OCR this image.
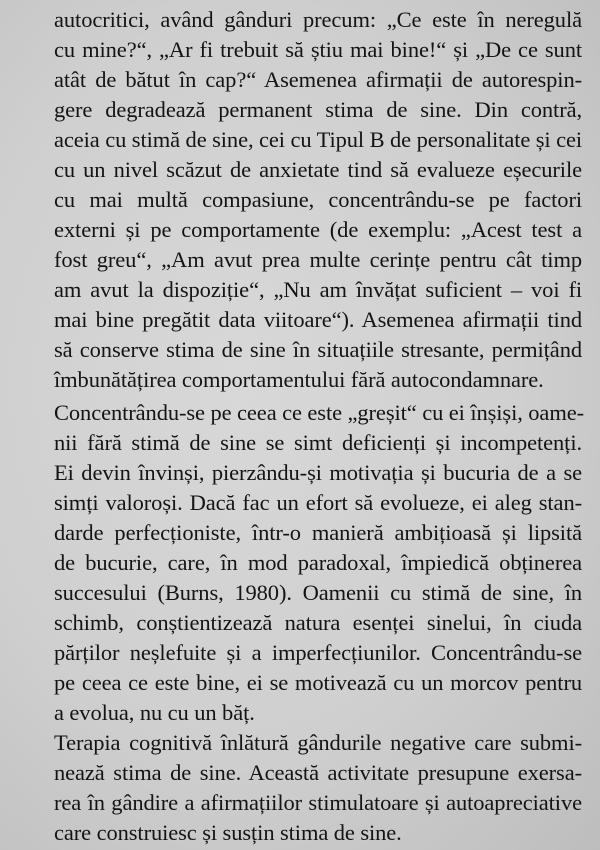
autocritici, având gânduri precum: „Ce este în neregulă
cu mine?“, „Ar fi trebuit să știu mai bine!“ și „De ce sunt
atât de bătut în cap?“ Asemenea afirmații de autorespin-
gere degradează permanent stima de sine. Din contră,
aceia cu stimă de sine, cei cu Tipul B de personalitate și cei
cu un nivel scăzut de anxietate tind să evalueze eșecurile
cu mai multă compasiune, concentrându-se pe factori
externi și pe comportamente (de exemplu: „Acest test a
fost greu“, „Am avut prea multe cerințe pentru cât timp
am avut la dispoziție“, „Nu am învățat suficient – voi fi
mai bine pregătit data viitoare“). Asemenea afirmații tind
să conserve stima de sine în situațiile stresante, permițând
îmbunătățirea comportamentului fără autocondamnare.
Concentrându-se pe ceea ce este „greșit“ cu ei înșiși, oame-
nii fără stimă de sine se simt deficienți și incompetenți.
Ei devin învinși, pierzându-și motivația și bucuria de a se
simți valoroși. Dacă fac un efort să evolueze, ei aleg stan-
darde perfecționiste, într-o manieră ambițioasă și lipsită
de bucurie, care, în mod paradoxal, împiedică obținerea
succesului (Burns, 1980). Oamenii cu stimă de sine, în
schimb, conștientizează natura esenței sinelui, în ciuda
părților neșlefuite și a imperfecțiunilor. Concentrându-se
pe ceea ce este bine, ei se motivează cu un morcov pentru
a evolua, nu cu un băț.
Terapia cognitivă înlătură gândurile negative care submi-
nează stima de sine. Această activitate presupune exersa-
rea în gândire a afirmațiilor stimulatoare și autoapreciative
care construiesc și susțin stima de sine.
